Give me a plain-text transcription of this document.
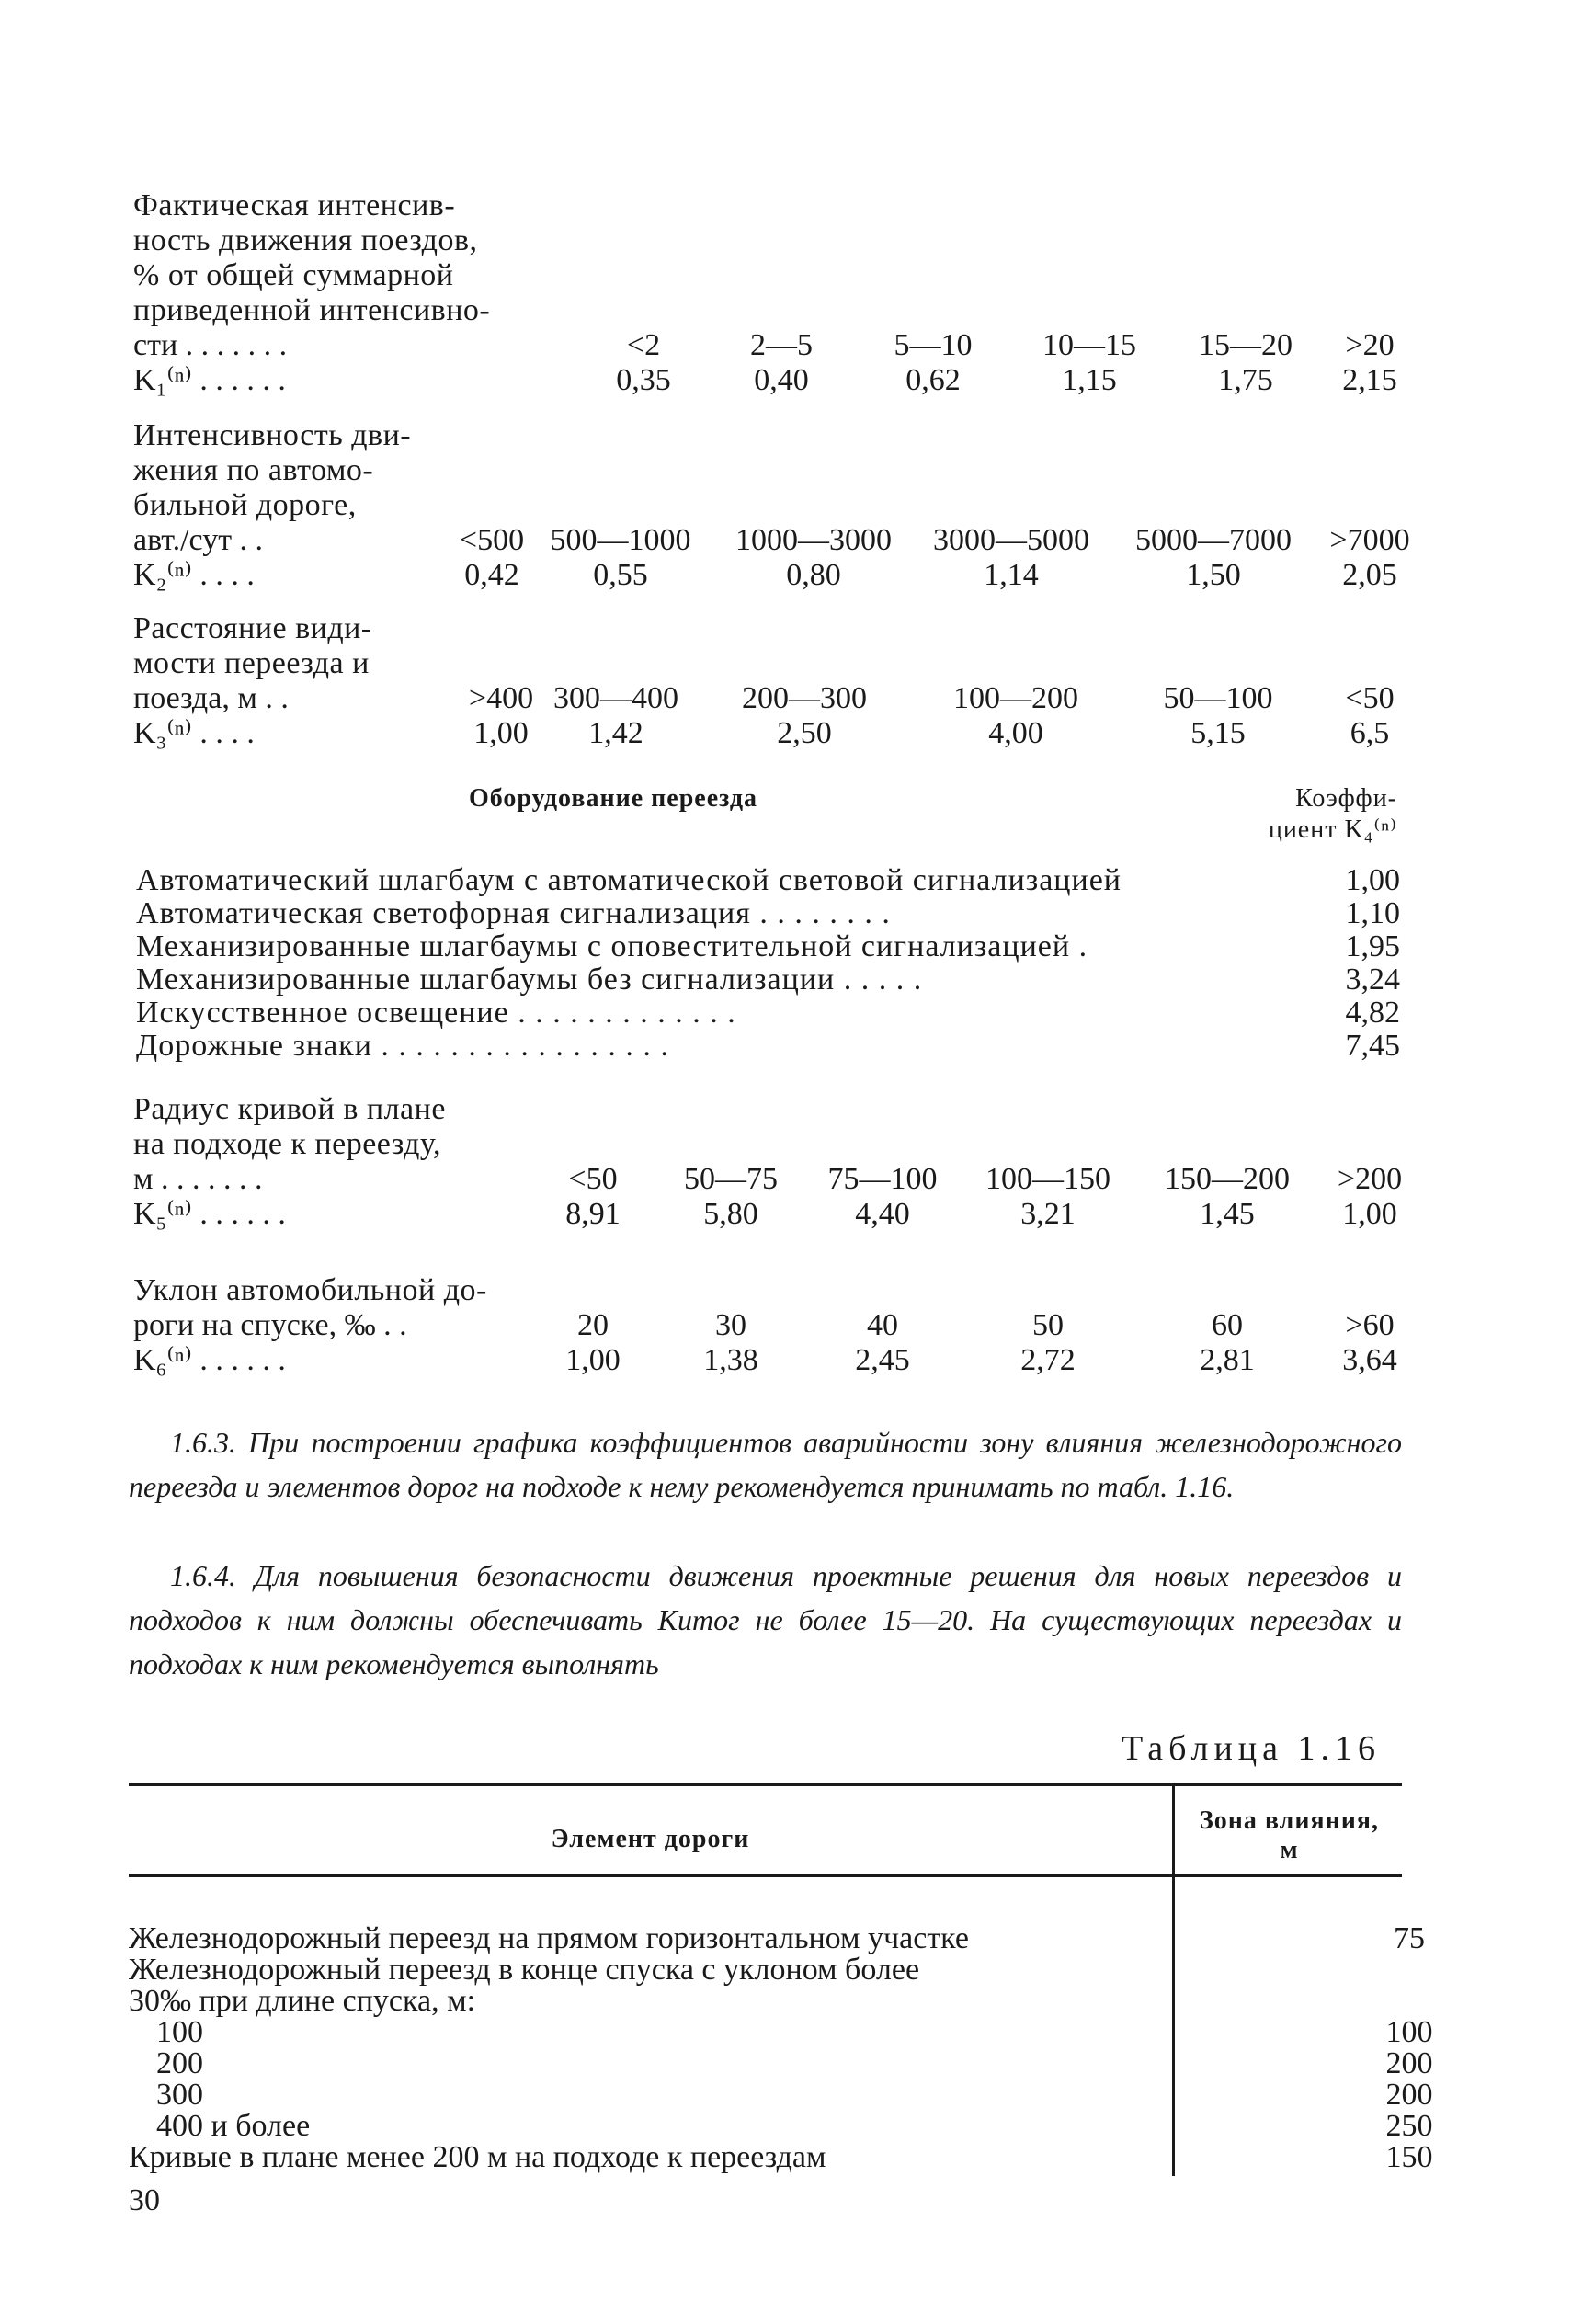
Фактическая интенсив-
ность движения поездов,
% от общей суммарной
приведенной интенсивно-
сти . . . . . . .	<2	2—5	5—10	10—15	15—20	>20
K₁⁽ⁿ⁾ . . . . . .	0,35	0,40	0,62	1,15	1,75	2,15
Интенсивность дви-
жения по автомо-
бильной дороге,
авт./сут . .	<500 500—1000	1000—3000	3000—5000	5000—7000	>7000
K₂⁽ⁿ⁾ . . . .	0,42	0,55	0,80	1,14	1,50	2,05
Расстояние види-
мости переезда и
поезда, м . .	>400 300—400	200—300	100—200	50—100	<50
K₃⁽ⁿ⁾ . . . .	1,00	1,42	2,50	4,00	5,15	6,5
Оборудование переезда	Коэффи-
циент K₄⁽ⁿ⁾
Автоматический шлагбаум с автоматической световой сигнализацией	1,00
Автоматическая светофорная сигнализация . . . . . . . .	1,10
Механизированные шлагбаумы с оповестительной сигнализацией .	1,95
Механизированные шлагбаумы без сигнализации . . . . .	3,24
Искусственное освещение . . . . . . . . . . . . .	4,82
Дорожные знаки . . . . . . . . . . . . . . . . .	7,45
Радиус кривой в плане
на подходе к переезду,
м . . . . . . .	<50	50—75	75—100	100—150	150—200	>200
K₅⁽ⁿ⁾ . . . . . .	8,91	5,80	4,40	3,21	1,45	1,00
Уклон автомобильной до-
роги на спуске, ‰ . .	20	30	40	50	60	>60
K₆⁽ⁿ⁾ . . . . . .	1,00	1,38	2,45	2,72	2,81	3,64
1.6.3. При построении графика коэффициентов аварийности зону влияния железнодорожного переезда и элементов дорог на подходе к нему рекомендуется принимать по табл. 1.16.
1.6.4. Для повышения безопасности движения проектные решения для новых переездов и подходов к ним должны обеспечивать Kитог не более 15—20. На существующих переездах и подходах к ним рекомендуется выполнять
Таблица 1.16
Элемент дороги
Зона влияния,
м
Железнодорожный переезд на прямом горизонтальном участке	75
Железнодорожный переезд в конце спуска с уклоном более
30‰ при длине спуска, м:
100	100
200	200
300	200
400 и более	250
Кривые в плане менее 200 м на подходе к переездам	150
30
